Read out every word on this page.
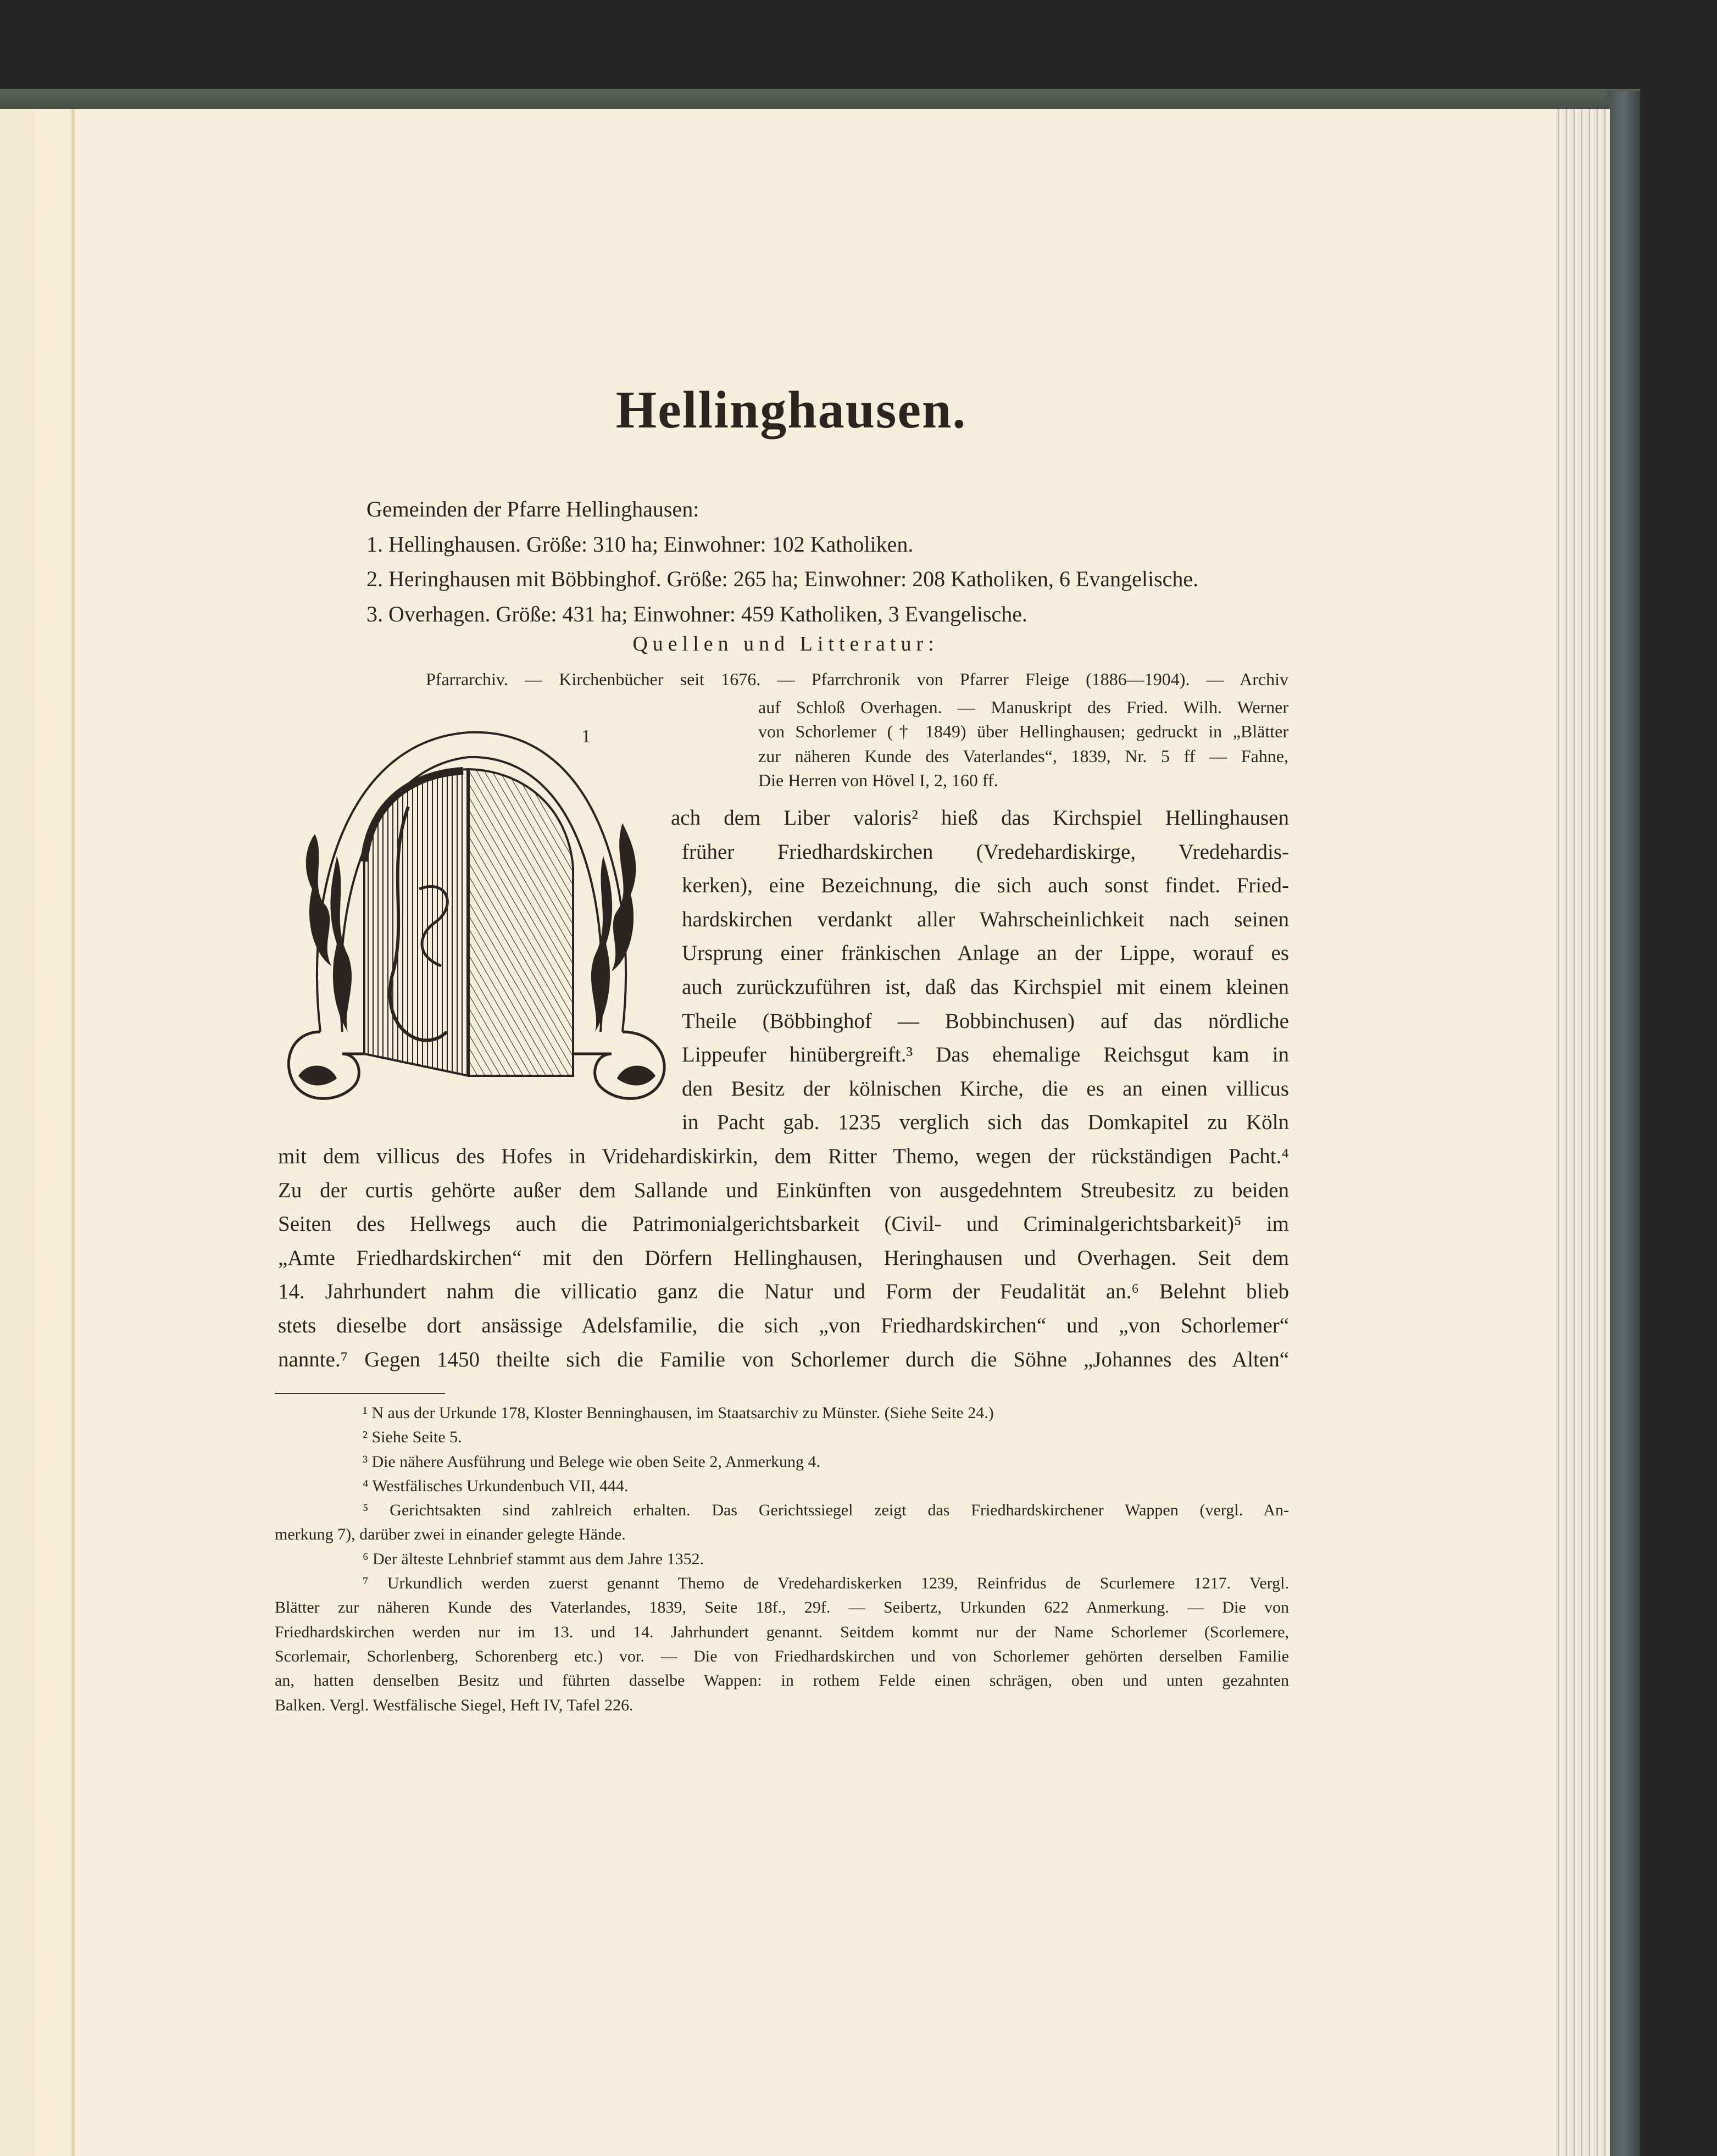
Hellinghausen.
Gemeinden der Pfarre Hellinghausen:
1. Hellinghausen. Größe: 310 ha; Einwohner: 102 Katholiken.
2. Heringhausen mit Böbbinghof. Größe: 265 ha; Einwohner: 208 Katholiken, 6 Evangelische.
3. Overhagen. Größe: 431 ha; Einwohner: 459 Katholiken, 3 Evangelische.
Quellen und Litteratur:
Pfarrarchiv. — Kirchenbücher seit 1676. — Pfarrchronik von Pfarrer Fleige (1886—1904). — Archiv
auf Schloß Overhagen. — Manuskript des Fried. Wilh. Werner
von Schorlemer († 1849) über Hellinghausen; gedruckt in „Blätter
zur näheren Kunde des Vaterlandes“, 1839, Nr. 5 ff — Fahne,
Die Herren von Hövel I, 2, 160 ff.
1
ach dem Liber valoris² hieß das Kirchspiel Hellinghausen
früher Friedhardskirchen (Vredehardiskirge, Vredehardis-
kerken), eine Bezeichnung, die sich auch sonst findet. Fried-
hardskirchen verdankt aller Wahrscheinlichkeit nach seinen
Ursprung einer fränkischen Anlage an der Lippe, worauf es
auch zurückzuführen ist, daß das Kirchspiel mit einem kleinen
Theile (Böbbinghof — Bobbinchusen) auf das nördliche
Lippeufer hinübergreift.³ Das ehemalige Reichsgut kam in
den Besitz der kölnischen Kirche, die es an einen villicus
in Pacht gab. 1235 verglich sich das Domkapitel zu Köln
mit dem villicus des Hofes in Vridehardiskirkin, dem Ritter Themo, wegen der rückständigen Pacht.⁴
Zu der curtis gehörte außer dem Sallande und Einkünften von ausgedehntem Streubesitz zu beiden
Seiten des Hellwegs auch die Patrimonialgerichtsbarkeit (Civil- und Criminalgerichtsbarkeit)⁵ im
„Amte Friedhardskirchen“ mit den Dörfern Hellinghausen, Heringhausen und Overhagen. Seit dem
14. Jahrhundert nahm die villicatio ganz die Natur und Form der Feudalität an.⁶ Belehnt blieb
stets dieselbe dort ansässige Adelsfamilie, die sich „von Friedhardskirchen“ und „von Schorlemer“
nannte.⁷ Gegen 1450 theilte sich die Familie von Schorlemer durch die Söhne „Johannes des Alten“
¹ N aus der Urkunde 178, Kloster Benninghausen, im Staatsarchiv zu Münster. (Siehe Seite 24.)
² Siehe Seite 5.
³ Die nähere Ausführung und Belege wie oben Seite 2, Anmerkung 4.
⁴ Westfälisches Urkundenbuch VII, 444.
⁵ Gerichtsakten sind zahlreich erhalten. Das Gerichtssiegel zeigt das Friedhardskirchener Wappen (vergl. An-
merkung 7), darüber zwei in einander gelegte Hände.
⁶ Der älteste Lehnbrief stammt aus dem Jahre 1352.
⁷ Urkundlich werden zuerst genannt Themo de Vredehardiskerken 1239, Reinfridus de Scurlemere 1217. Vergl.
Blätter zur näheren Kunde des Vaterlandes, 1839, Seite 18f., 29f. — Seibertz, Urkunden 622 Anmerkung. — Die von
Friedhardskirchen werden nur im 13. und 14. Jahrhundert genannt. Seitdem kommt nur der Name Schorlemer (Scorlemere,
Scorlemair, Schorlenberg, Schorenberg etc.) vor. — Die von Friedhardskirchen und von Schorlemer gehörten derselben Familie
an, hatten denselben Besitz und führten dasselbe Wappen: in rothem Felde einen schrägen, oben und unten gezahnten
Balken. Vergl. Westfälische Siegel, Heft IV, Tafel 226.
